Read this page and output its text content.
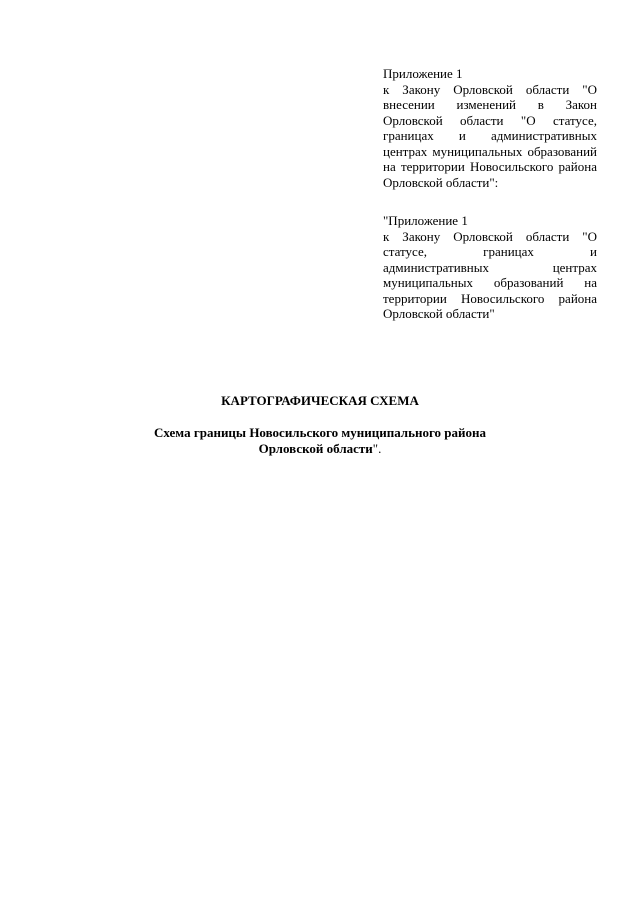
Приложение 1
к Закону Орловской области "О внесении изменений в Закон Орловской области "О статусе, границах и административных центрах муниципальных образований на территории Новосильского района Орловской области":
"Приложение 1
к Закону Орловской области "О статусе, границах и административных центрах муниципальных образований на территории Новосильского района Орловской области"
КАРТОГРАФИЧЕСКАЯ СХЕМА
Схема границы Новосильского муниципального района
Орловской области".
